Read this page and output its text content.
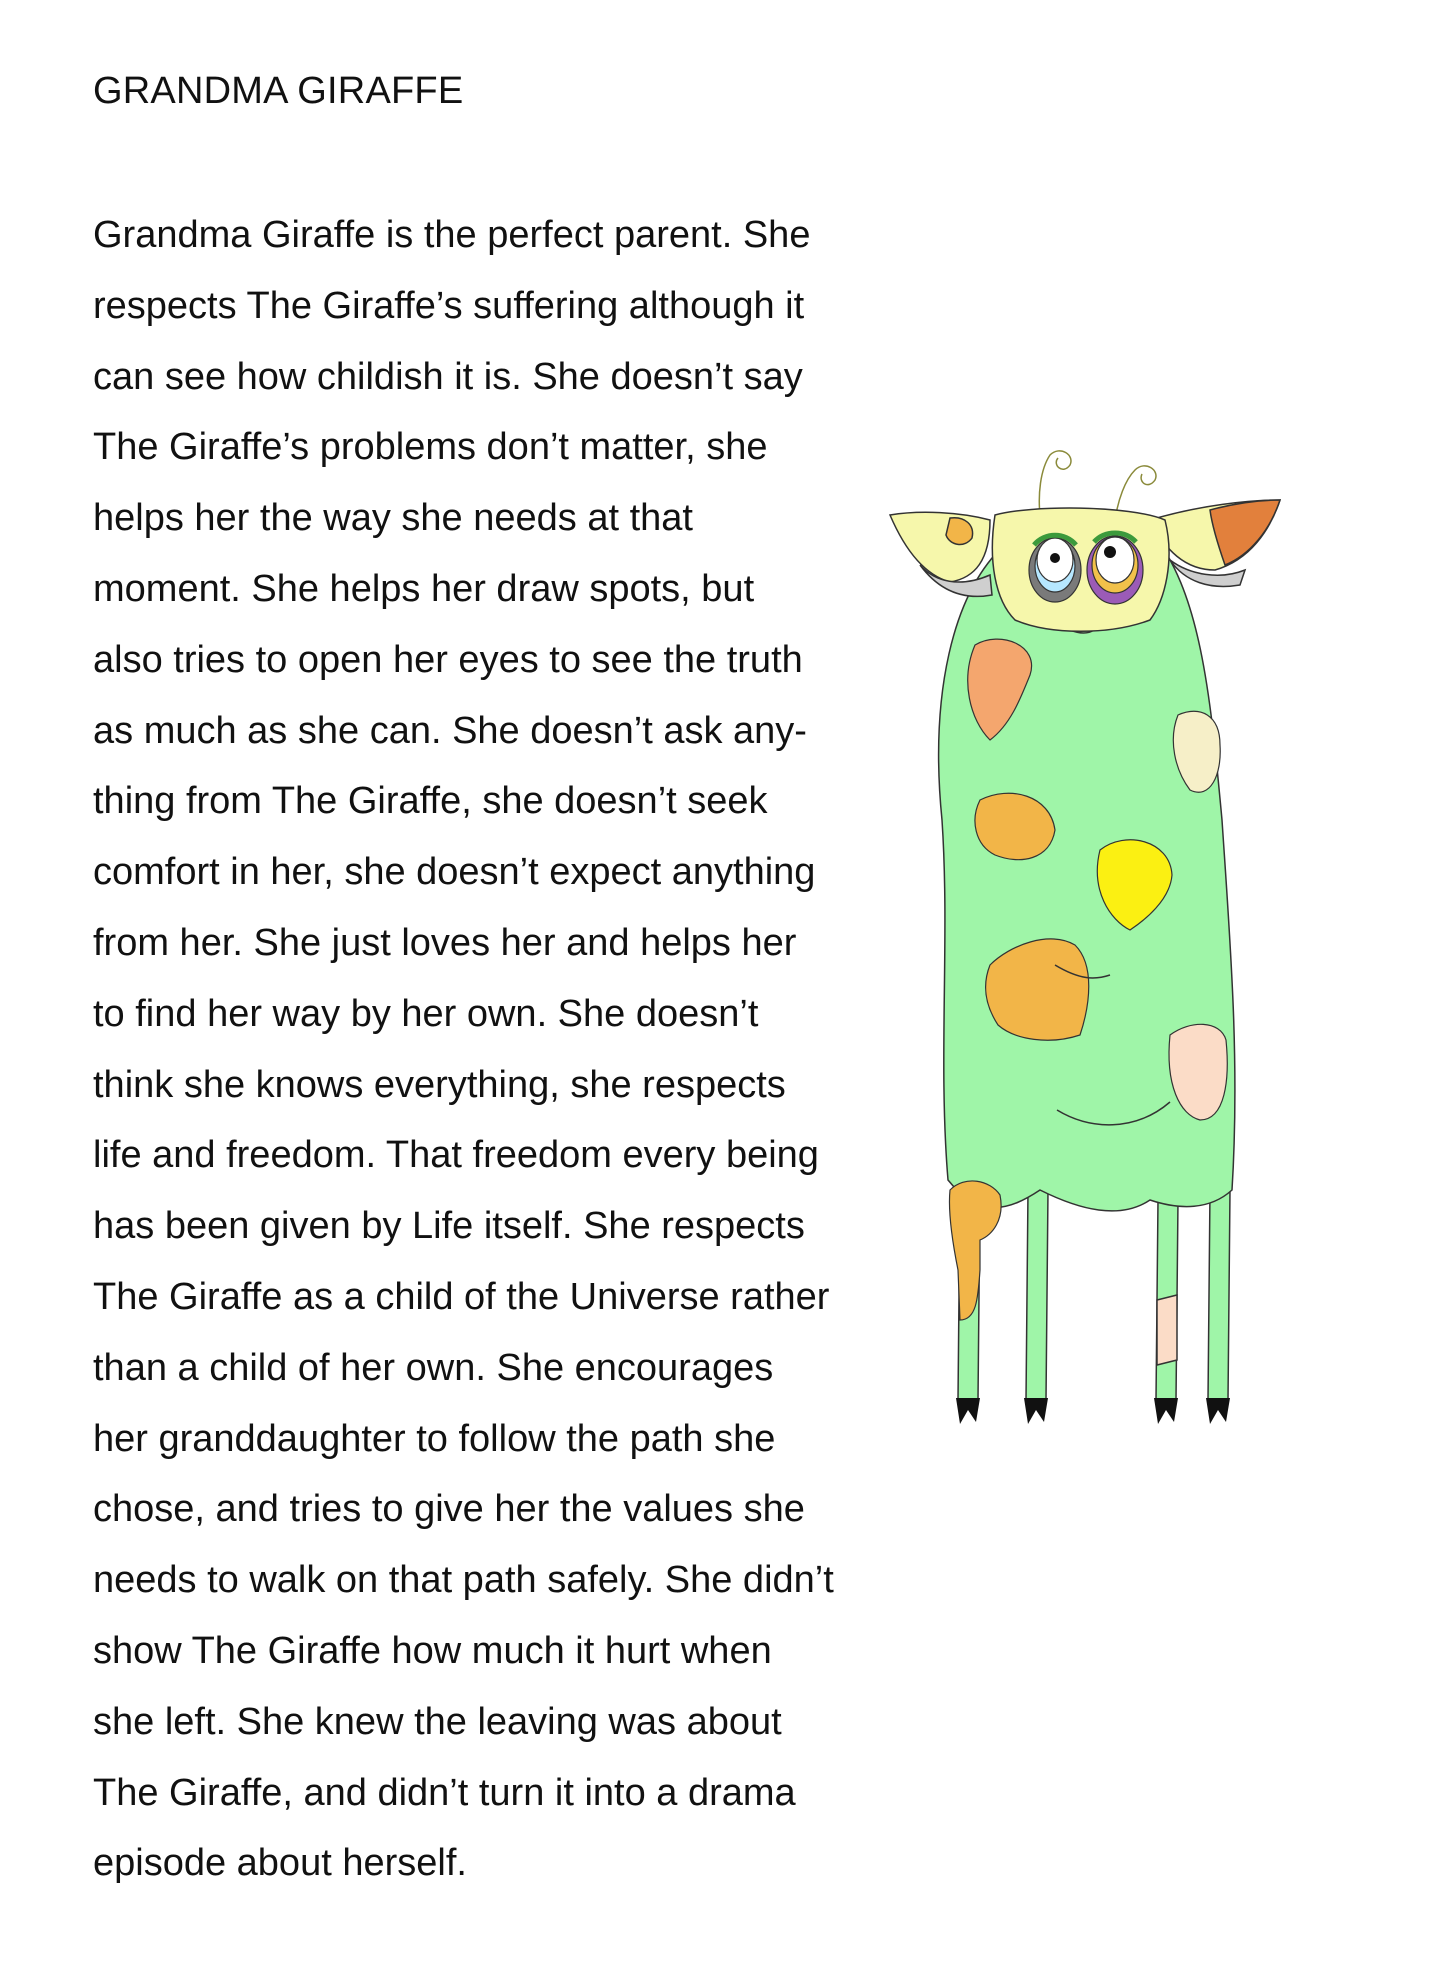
GRANDMA GIRAFFE
Grandma Giraffe is the perfect parent. She
respects The Giraffe’s suffering although it
can see how childish it is. She doesn’t say
The Giraffe’s problems don’t matter, she
helps her the way she needs at that
moment. She helps her draw spots, but
also tries to open her eyes to see the truth
as much as she can. She doesn’t ask any-
thing from The Giraffe, she doesn’t seek
comfort in her, she doesn’t expect anything
from her. She just loves her and helps her
to find her way by her own. She doesn’t
think she knows everything, she respects
life and freedom. That freedom every being
has been given by Life itself. She respects
The Giraffe as a child of the Universe rather
than a child of her own. She encourages
her granddaughter to follow the path she
chose, and tries to give her the values she
needs to walk on that path safely. She didn’t
show The Giraffe how much it hurt when
she left. She knew the leaving was about
The Giraffe, and didn’t turn it into a drama
episode about herself.
